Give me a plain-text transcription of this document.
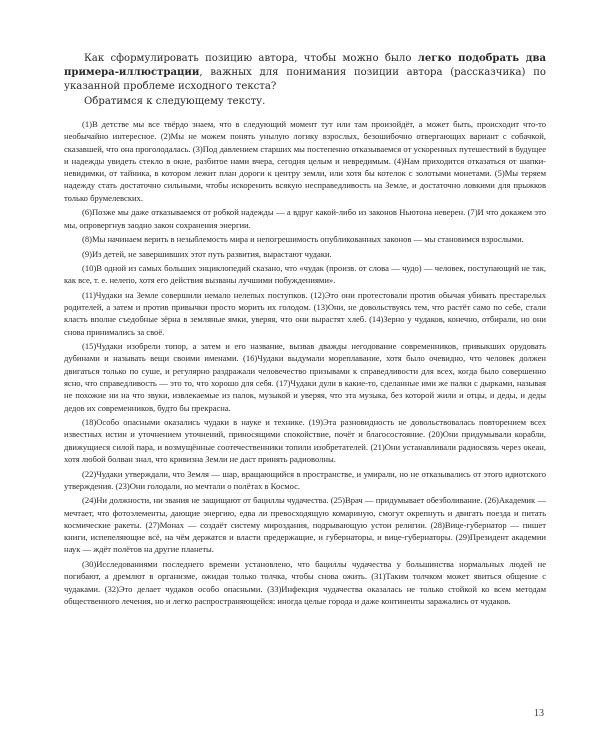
Как сформулировать позицию автора, чтобы можно было легко подобрать два примера-иллюстрации, важных для понимания позиции автора (рассказчика) по указанной проблеме исходного текста?

Обратимся к следующему тексту.

(1)В детстве мы все твёрдо знаем, что в следующий момент тут или там произойдёт, а может быть, происходит что-то необычайно интересное. (2)Мы не можем понять унылую логику взрослых, безошибочно отвергающих вариант с собачкой, сказавшей, что она проголодалась. (3)Под давлением старших мы постепенно отказываемся от ускоренных путешествий в будущее и надежды увидеть стекло в окне, разбитое нами вчера, сегодня целым и невредимым. (4)Нам приходится отказаться от шапки-невидимки, от тайника, в котором лежит план дороги к центру земли, или хотя бы котелок с золотыми монетами. (5)Мы теряем надежду стать достаточно сильными, чтобы искоренить всякую несправедливость на Земле, и достаточно ловкими для прыжков только брумелевских.

(6)Позже мы даже отказываемся от робкой надежды — а вдруг какой-либо из законов Ньютона неверен. (7)И что докажем это мы, опровергнув заодно закон сохранения энергии.

(8)Мы начинаем верить в незыблемость мира и непогрешимость опубликованных законов — мы становимся взрослыми.

(9)Из детей, не завершивших этот путь развития, вырастают чудаки.

(10)В одной из самых больших энциклопедий сказано, что «чудак (произв. от слова — чудо) — человек, поступающий не так, как все, т. е. нелепо, хотя его действия вызваны лучшими побуждениями».

(11)Чудаки на Земле совершили немало нелепых поступков. (12)Это они протестовали против обычая убивать престарелых родителей, а затем и против привычки просто морить их голодом. (13)Они, не довольствуясь тем, что растёт само по себе, стали класть вполне съедобные зёрна в земляные ямки, уверяя, что они вырастят хлеб. (14)Зерно у чудаков, конечно, отбирали, но они снова принимались за своё.

(15)Чудаки изобрели топор, а затем и его название, вызвав дважды негодование современников, привыкших орудовать дубинами и называть вещи своими именами. (16)Чудаки выдумали мореплавание, хотя было очевидно, что человек должен двигаться только по суше, и регулярно раздражали человечество призывами к справедливости для всех, когда было совершенно ясно, что справедливость — это то, что хорошо для себя. (17)Чудаки дули в какие-то, сделанные ими же палки с дырками, называя не похожие ни на что звуки, извлекаемые из палок, музыкой и уверяя, что эта музыка, без которой жили и отцы, и деды, и деды дедов их современников, будто бы прекрасна.

(18)Особо опасными оказались чудаки в науке и технике. (19)Эта разновидность не довольствовалась повторением всех известных истин и уточнением уточнений, приносящими спокойствие, почёт и благосостояние. (20)Они придумывали корабли, движущиеся силой пара, и возмущённые соотечественники топили изобретателей. (21)Они устанавливали радиосвязь через океан, хотя любой болван знал, что кривизна Земли не даст принять радиоволны.

(22)Чудаки утверждали, что Земля — шар, вращающийся в пространстве, и умирали, но не отказывались от этого идиотского утверждения. (23)Они голодали, но мечтали о полётах в Космос.

(24)Ни должности, ни звания не защищают от бациллы чудачества. (25)Врач — придумывает обезболивание. (26)Академик — мечтает, что фотоэлементы, дающие энергию, едва ли превосходящую комариную, смогут окрепнуть и двигать поезда и питать космические ракеты. (27)Монах — создаёт систему мироздания, подрывающую устои религии. (28)Вице-губернатор — пишет книги, испепеляющие всё, на чём держатся и власти предержащие, и губернаторы, и вице-губернаторы. (29)Президент академии наук — ждёт полётов на другие планеты.

(30)Исследованиями последнего времени установлено, что бациллы чудачества у большинства нормальных людей не погибают, а дремлют в организме, ожидая только толчка, чтобы снова ожить. (31)Таким толчком может явиться общение с чудаками. (32)Это делает чудаков особо опасными. (33)Инфекция чудачества оказалась не только стойкой ко всем методам общественного лечения, но и легко распространяющейся: иногда целые города и даже континенты заражались от чудаков.

13
